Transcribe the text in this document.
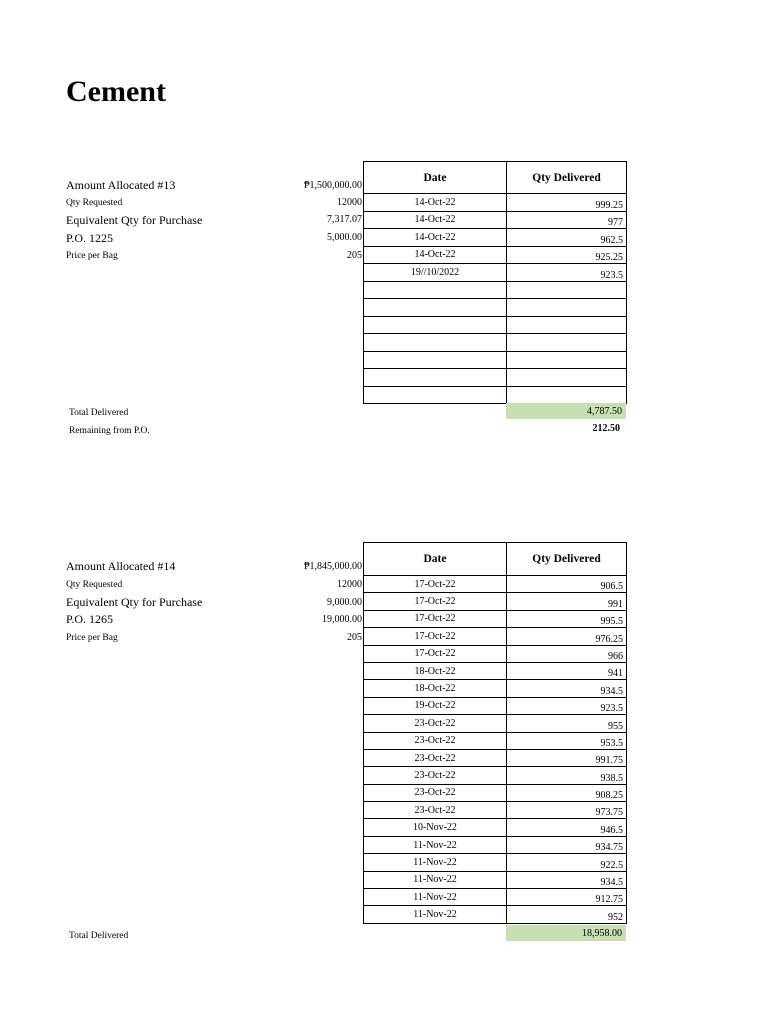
Cement
Amount Allocated #13	₱1,500,000.00
Qty Requested	12000
Equivalent Qty for Purchase	7,317.07
P.O. 1225	5,000.00
Price per Bag	205
Date	Qty Delivered
14-Oct-22	999.25
14-Oct-22	977
14-Oct-22	962.5
14-Oct-22	925.25
19//10/2022	923.5

Total Delivered	4,787.50
Remaining from P.O.	212.50
Amount Allocated #14	₱1,845,000.00
Qty Requested	12000
Equivalent Qty for Purchase	9,000.00
P.O. 1265	19,000.00
Price per Bag	205
Date	Qty Delivered
17-Oct-22	906.5
17-Oct-22	991
17-Oct-22	995.5
17-Oct-22	976.25
17-Oct-22	966
18-Oct-22	941
18-Oct-22	934.5
19-Oct-22	923.5
23-Oct-22	955
23-Oct-22	953.5
23-Oct-22	991.75
23-Oct-22	938.5
23-Oct-22	908.25
23-Oct-22	973.75
10-Nov-22	946.5
11-Nov-22	934.75
11-Nov-22	922.5
11-Nov-22	934.5
11-Nov-22	912.75
11-Nov-22	952
Total Delivered	18,958.00
